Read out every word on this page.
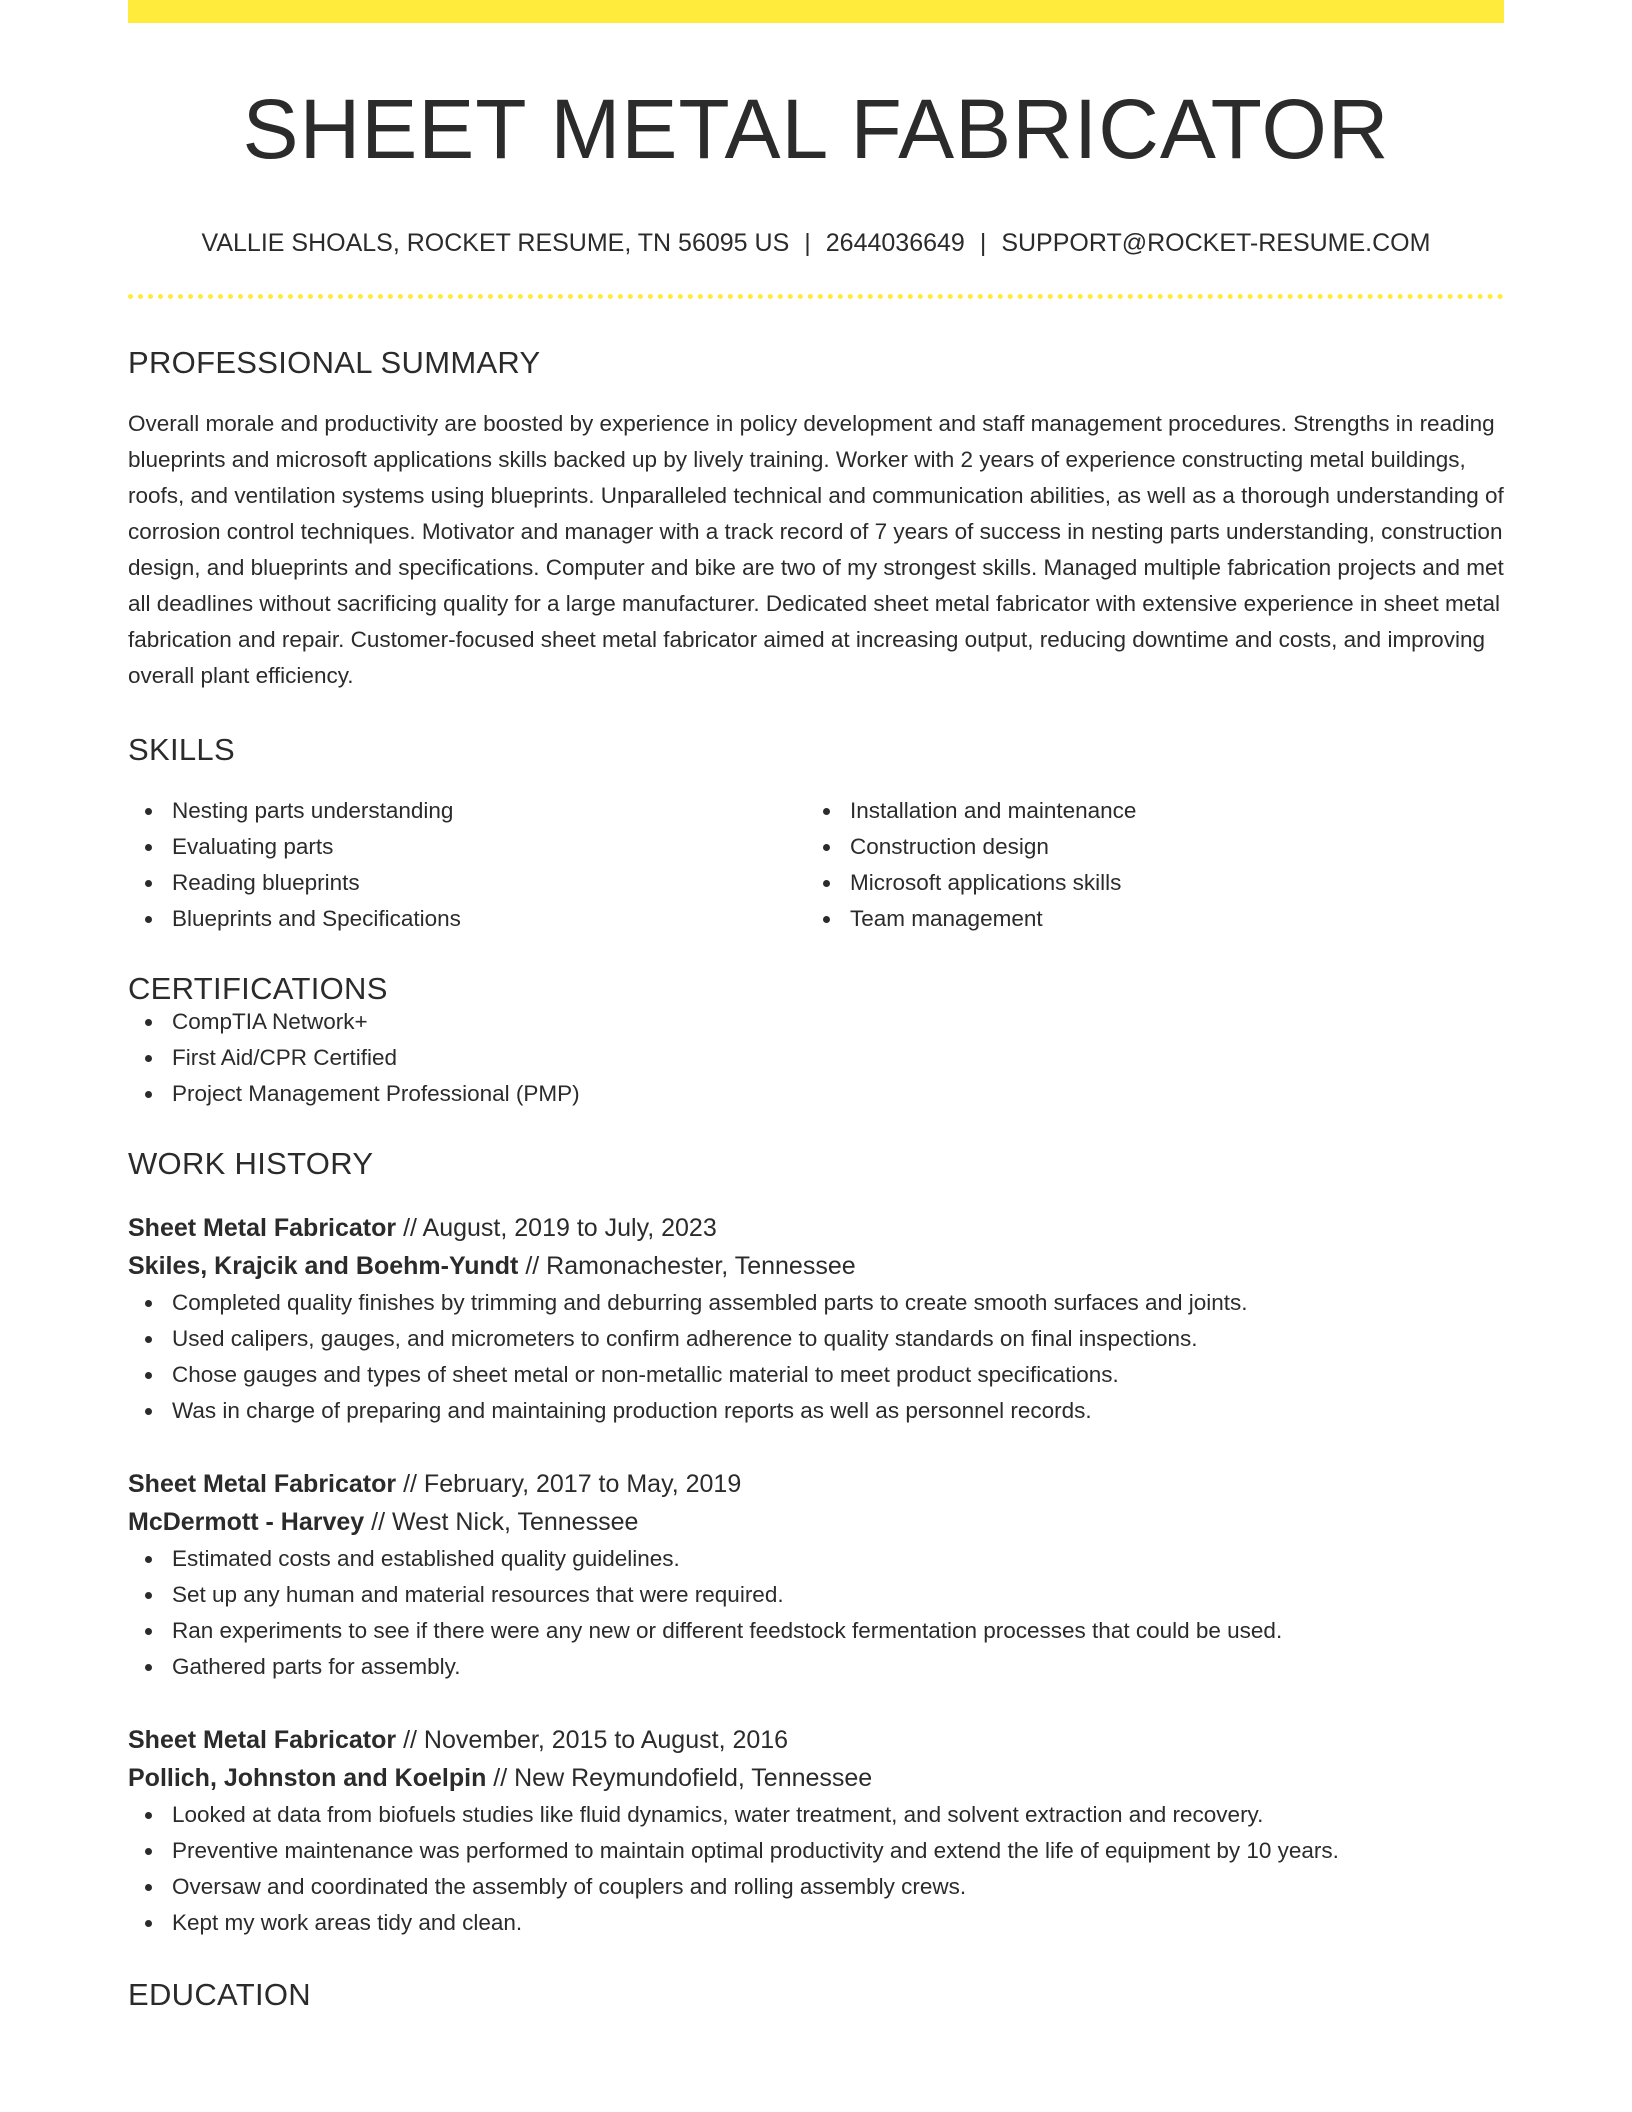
SHEET METAL FABRICATOR
VALLIE SHOALS, ROCKET RESUME, TN 56095 US | 2644036649 | SUPPORT@ROCKET-RESUME.COM
PROFESSIONAL SUMMARY

Overall morale and productivity are boosted by experience in policy development and staff management procedures. Strengths in reading blueprints and microsoft applications skills backed up by lively training. Worker with 2 years of experience constructing metal buildings, roofs, and ventilation systems using blueprints. Unparalleled technical and communication abilities, as well as a thorough understanding of corrosion control techniques. Motivator and manager with a track record of 7 years of success in nesting parts understanding, construction design, and blueprints and specifications. Computer and bike are two of my strongest skills. Managed multiple fabrication projects and met all deadlines without sacrificing quality for a large manufacturer. Dedicated sheet metal fabricator with extensive experience in sheet metal fabrication and repair. Customer-focused sheet metal fabricator aimed at increasing output, reducing downtime and costs, and improving overall plant efficiency.

SKILLS
Nesting parts understanding
Evaluating parts
Reading blueprints
Blueprints and Specifications
Installation and maintenance
Construction design
Microsoft applications skills
Team management
CERTIFICATIONS
CompTIA Network+
First Aid/CPR Certified
Project Management Professional (PMP)
WORK HISTORY
Sheet Metal Fabricator // August, 2019 to July, 2023
Skiles, Krajcik and Boehm-Yundt // Ramonachester, Tennessee
Completed quality finishes by trimming and deburring assembled parts to create smooth surfaces and joints.
Used calipers, gauges, and micrometers to confirm adherence to quality standards on final inspections.
Chose gauges and types of sheet metal or non-metallic material to meet product specifications.
Was in charge of preparing and maintaining production reports as well as personnel records.
Sheet Metal Fabricator // February, 2017 to May, 2019
McDermott - Harvey // West Nick, Tennessee
Estimated costs and established quality guidelines.
Set up any human and material resources that were required.
Ran experiments to see if there were any new or different feedstock fermentation processes that could be used.
Gathered parts for assembly.
Sheet Metal Fabricator // November, 2015 to August, 2016
Pollich, Johnston and Koelpin // New Reymundofield, Tennessee
Looked at data from biofuels studies like fluid dynamics, water treatment, and solvent extraction and recovery.
Preventive maintenance was performed to maintain optimal productivity and extend the life of equipment by 10 years.
Oversaw and coordinated the assembly of couplers and rolling assembly crews.
Kept my work areas tidy and clean.
EDUCATION
